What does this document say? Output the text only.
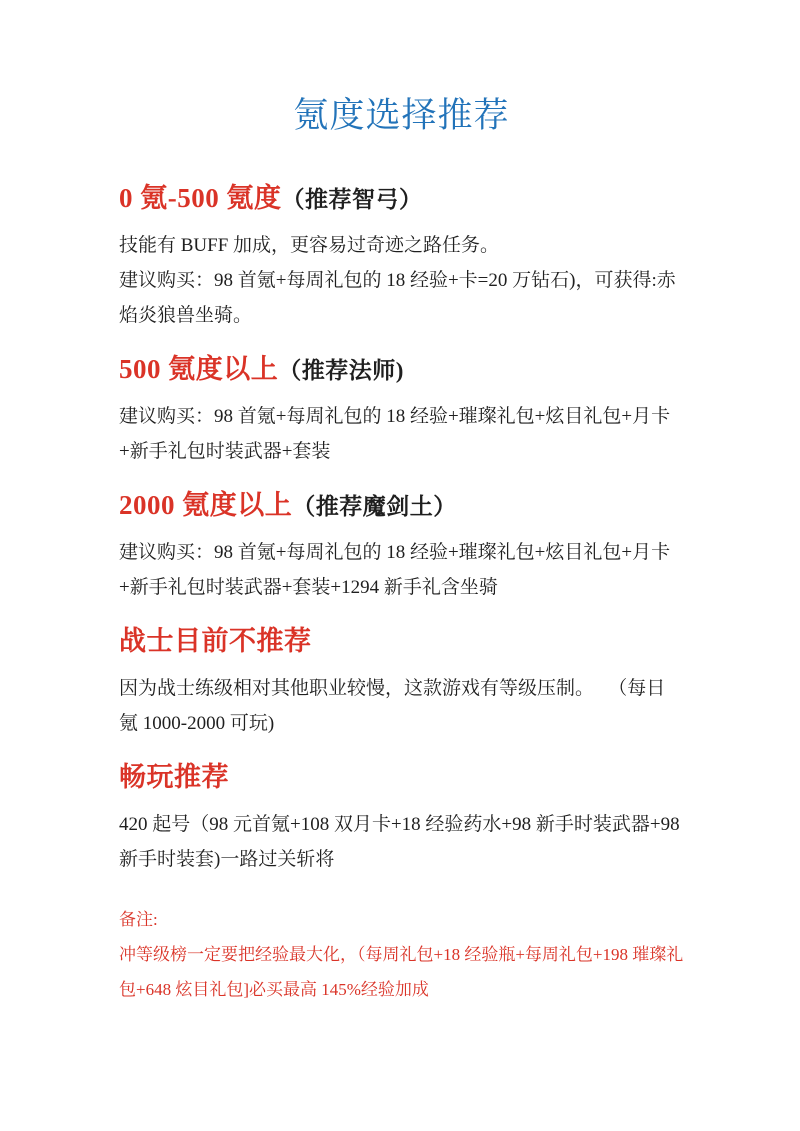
氪度选择推荐
0 氪-500 氪度（推荐智弓）

技能有 BUFF 加成，更容易过奇迹之路任务。

建议购买：98 首氪+每周礼包的 18 经验+卡=20 万钻石)，可获得:赤焰炎狼兽坐骑。

500 氪度以上（推荐法师)

建议购买：98 首氪+每周礼包的 18 经验+璀璨礼包+炫目礼包+月卡+新手礼包时装武器+套装

2000 氪度以上（推荐魔剑土）

建议购买：98 首氪+每周礼包的 18 经验+璀璨礼包+炫目礼包+月卡+新手礼包时装武器+套装+1294 新手礼含坐骑

战士目前不推荐

因为战士练级相对其他职业较慢，这款游戏有等级压制。　 （每日氪 1000-2000 可玩)

畅玩推荐

420 起号（98 元首氪+108 双月卡+18 经验药水+98 新手时装武器+98 新手时装套)一路过关斩将

备注:

冲等级榜一定要把经验最大化，（每周礼包+18 经验瓶+每周礼包+198 璀璨礼包+648 炫目礼包]必买最高 145%经验加成
